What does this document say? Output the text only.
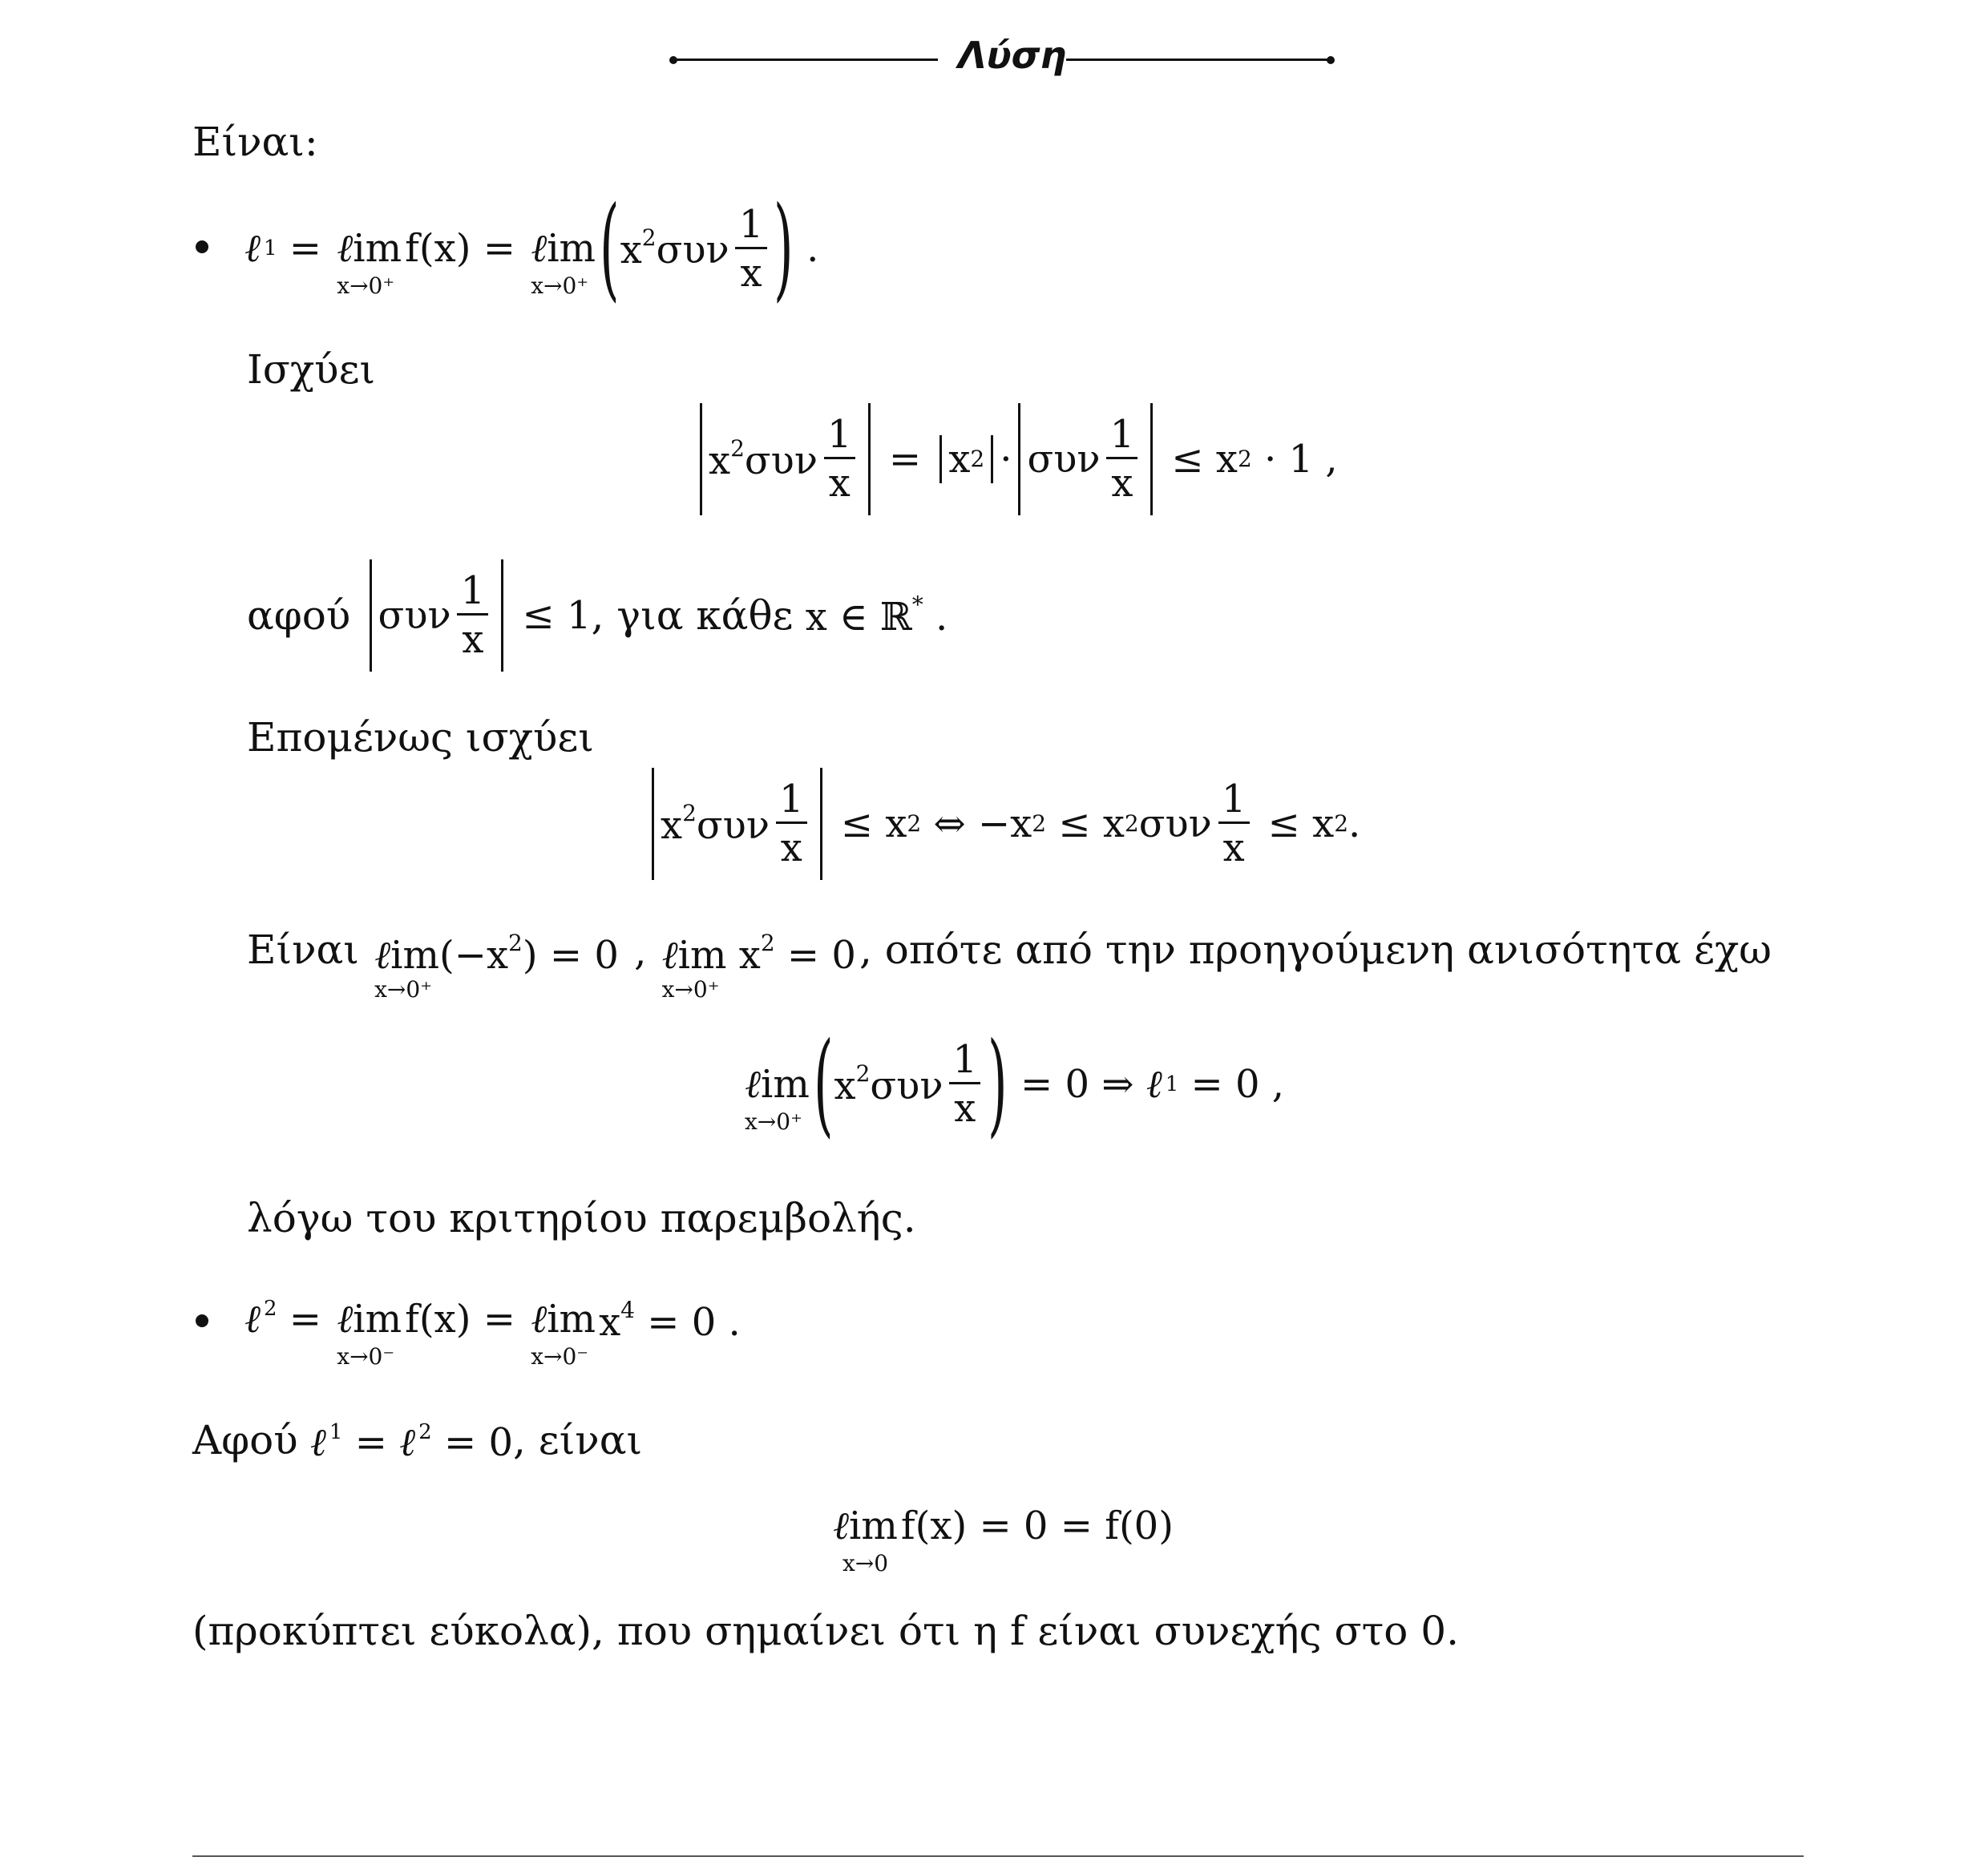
Λύση
Είναι:
ℓ 1 = ℓim
x→0⁺
f(x) = ℓim
x→0⁺ ( $x^2\sigma\upsilon\nu \frac{1}{x}$ ) .
Ισχύει
$x^2\sigma\upsilon\nu \frac{1}{x}$ =
x 2 ·
συν $\frac{1}{x} \le x$ 2 · 1 ,
αφού
συν $\frac{1}{x} \le 1$ , για κάθε
x ∈ ℝ* .
Επομένως ισχύει
$x^2\sigma\upsilon\nu \frac{1}{x} \le x$ 2 ⇔ −x 2 ≤ x 2 συν $\frac{1}{x} \le x$ 2 .
Είναι
$\ell im(-x^2) = 0$
x→0⁺
, ℓim $x^2 = 0$
x→0⁺
, οπότε από την προηγούμενη ανισότητα έχω
ℓim
x→0⁺ ( $x^2\sigma\upsilon\nu \frac{1}{x}$ ) = 0 ⇒ ℓ 1 = 0 ,
λόγω του κριτηρίου παρεμβολής.
ℓ 2 = ℓim
x→0⁻
f(x) = ℓim
x→0⁻
$x^4 = 0$ .
Αφού
ℓ 1 = ℓ 2 = 0 , είναι
ℓim
x→0
f(x)
= 0 = f(0)
(προκύπτει εύκολα), που σημαίνει ότι η f είναι συνεχής στο 0.
